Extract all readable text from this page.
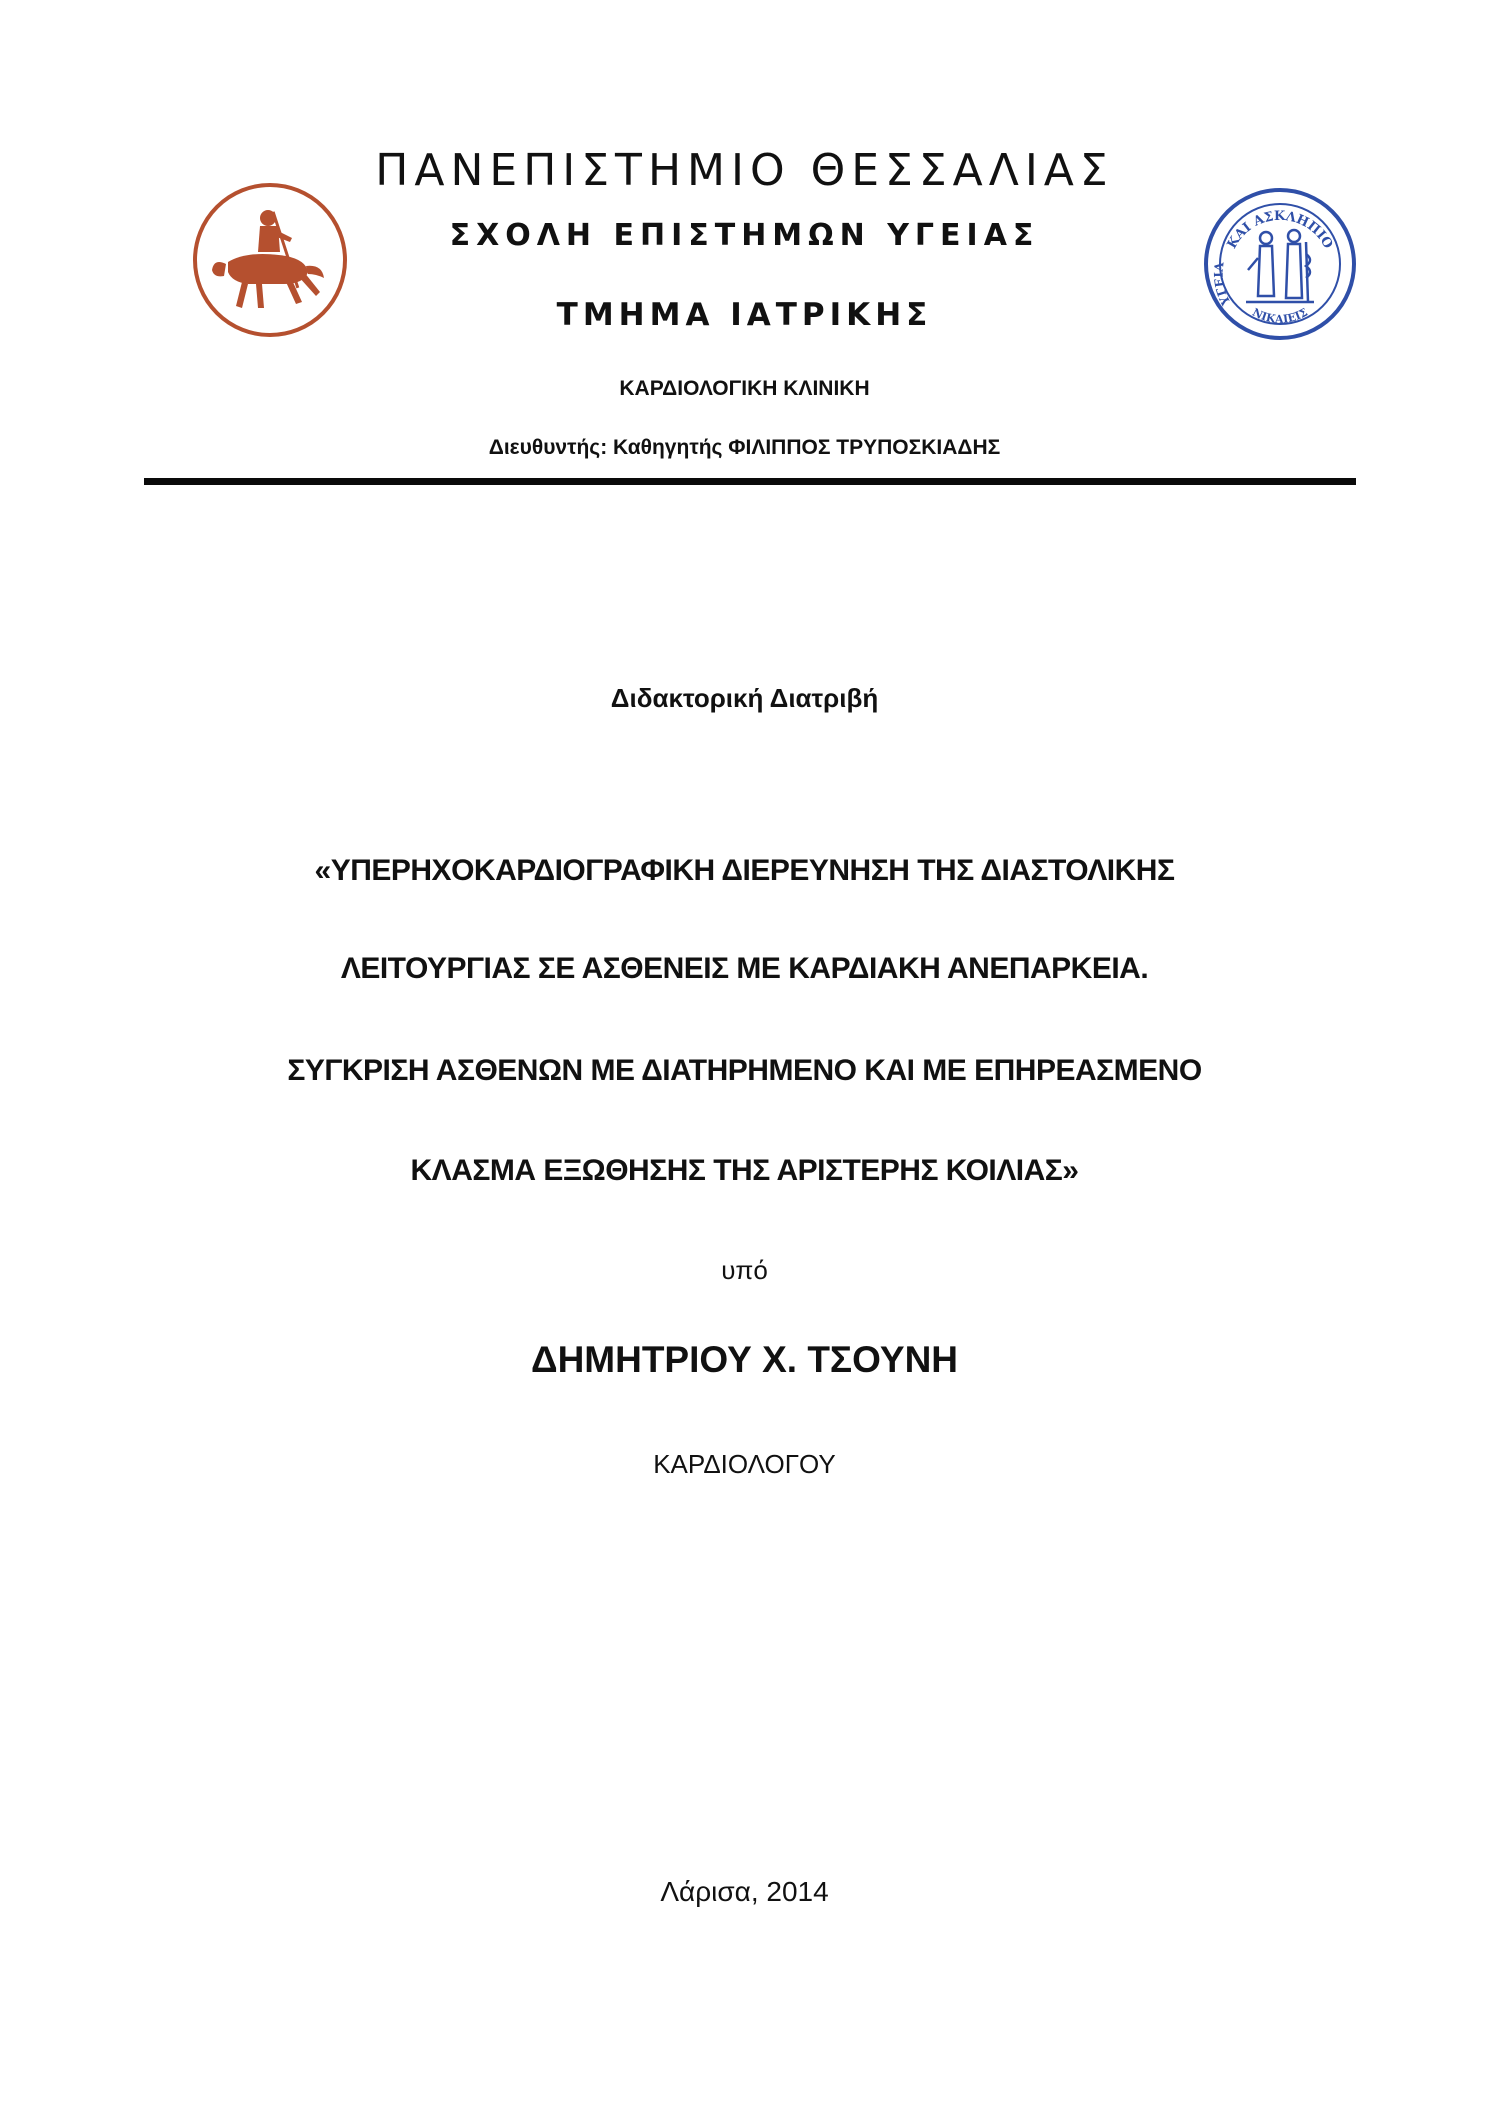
ΚΑΙ ΑΣΚΛΗΠΙΟ
ΥΓΕΙΑ
ΝΙΚΑΙΕΙΣ
ΠΑΝΕΠΙΣΤΗΜΙΟ ΘΕΣΣΑΛΙΑΣ
ΣΧΟΛΗ ΕΠΙΣΤΗΜΩΝ ΥΓΕΙΑΣ
ΤΜΗΜΑ ΙΑΤΡΙΚΗΣ
ΚΑΡΔΙΟΛΟΓΙΚΗ ΚΛΙΝΙΚΗ
Διευθυντής: Καθηγητής ΦΙΛΙΠΠΟΣ ΤΡΥΠΟΣΚΙΑΔΗΣ
Διδακτορική Διατριβή
«ΥΠΕΡΗΧΟΚΑΡΔΙΟΓΡΑΦΙΚΗ ΔΙΕΡΕΥΝΗΣΗ ΤΗΣ ΔΙΑΣΤΟΛΙΚΗΣ
ΛΕΙΤΟΥΡΓΙΑΣ ΣΕ ΑΣΘΕΝΕΙΣ ΜΕ ΚΑΡΔΙΑΚΗ ΑΝΕΠΑΡΚΕΙΑ.
ΣΥΓΚΡΙΣΗ ΑΣΘΕΝΩΝ ΜΕ ΔΙΑΤΗΡΗΜΕΝΟ ΚΑΙ ΜΕ ΕΠΗΡΕΑΣΜΕΝΟ
ΚΛΑΣΜΑ ΕΞΩΘΗΣΗΣ ΤΗΣ ΑΡΙΣΤΕΡΗΣ ΚΟΙΛΙΑΣ»
υπό
ΔΗΜΗΤΡΙΟΥ Χ. ΤΣΟΥΝΗ
ΚΑΡΔΙΟΛΟΓΟΥ
Λάρισα, 2014
